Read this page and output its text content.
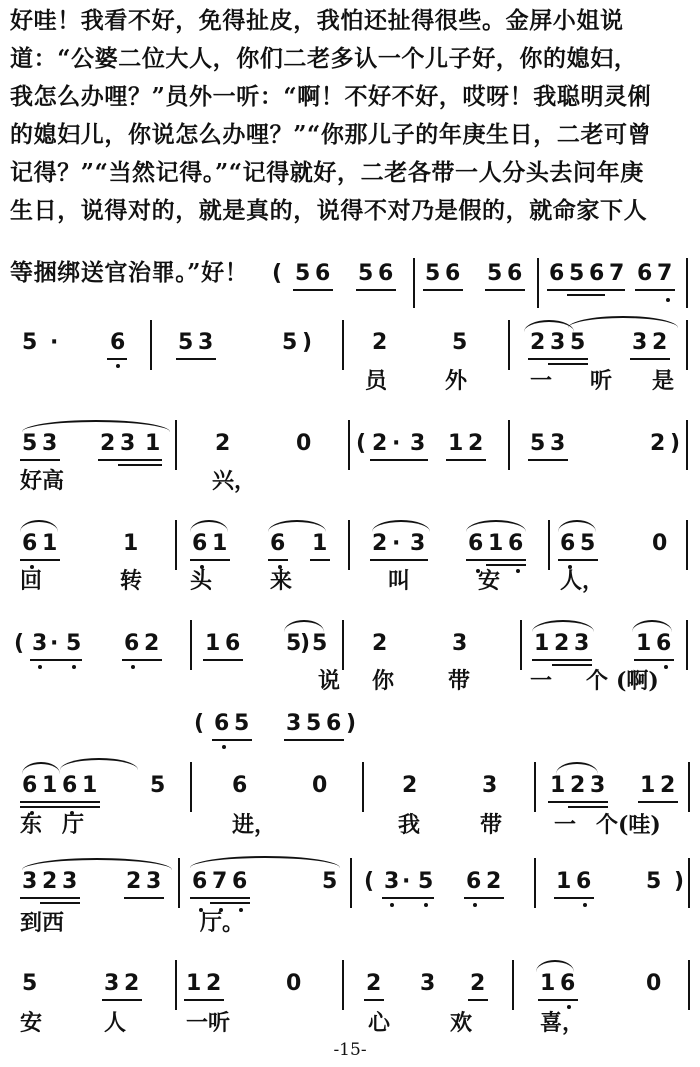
好哇！我看不好，免得扯皮，我怕还扯得很些。金屏小姐说
道：“公婆二位大人，你们二老多认一个儿子好，你的媳妇，
我怎么办哩？”员外一听：“啊！不好不好，哎呀！我聪明灵俐
的媳妇儿，你说怎么办哩？”“你那儿子的年庚生日，二老可曾
记得？”“当然记得。”“记得就好，二老各带一人分头去问年庚
生日，说得对的，就是真的，说得不对乃是假的，就命家下人
等捆绑送官治罪。”好！	( 5 6 5 6 5 6 5 6 6 5 6 7 6 7
5 · 6 5 3	5 )	2	5	2 3 5 3 2
员	外	一 听 是
5 3 2 3 1 2	0 ( 2 · 3 1 2 5 3	2 )
好高	兴，
6 1	1 6 1 6 1 2 · 3 6 1 6 6 5	0
回	转 头	来	叫	安	人，
( 3 · 5 6 2 1 6 5
) 5 2	3	1 2 3 1 6
说 你 带	一 个 (啊)
( 6 5 3 5 6 )
6 1 6 1 5	6	0	2	3 1 2 3 1 2
东 厅	进，	我	带 一 个(哇)
3 2 3 2 3 6 7 6	5 ( 3 · 5 6 2 1 6 5 )
到西	厅。
5	3 2 1 2	0	2 3 2 1 6	0
安	人	一听	心	欢	喜，
-15-
